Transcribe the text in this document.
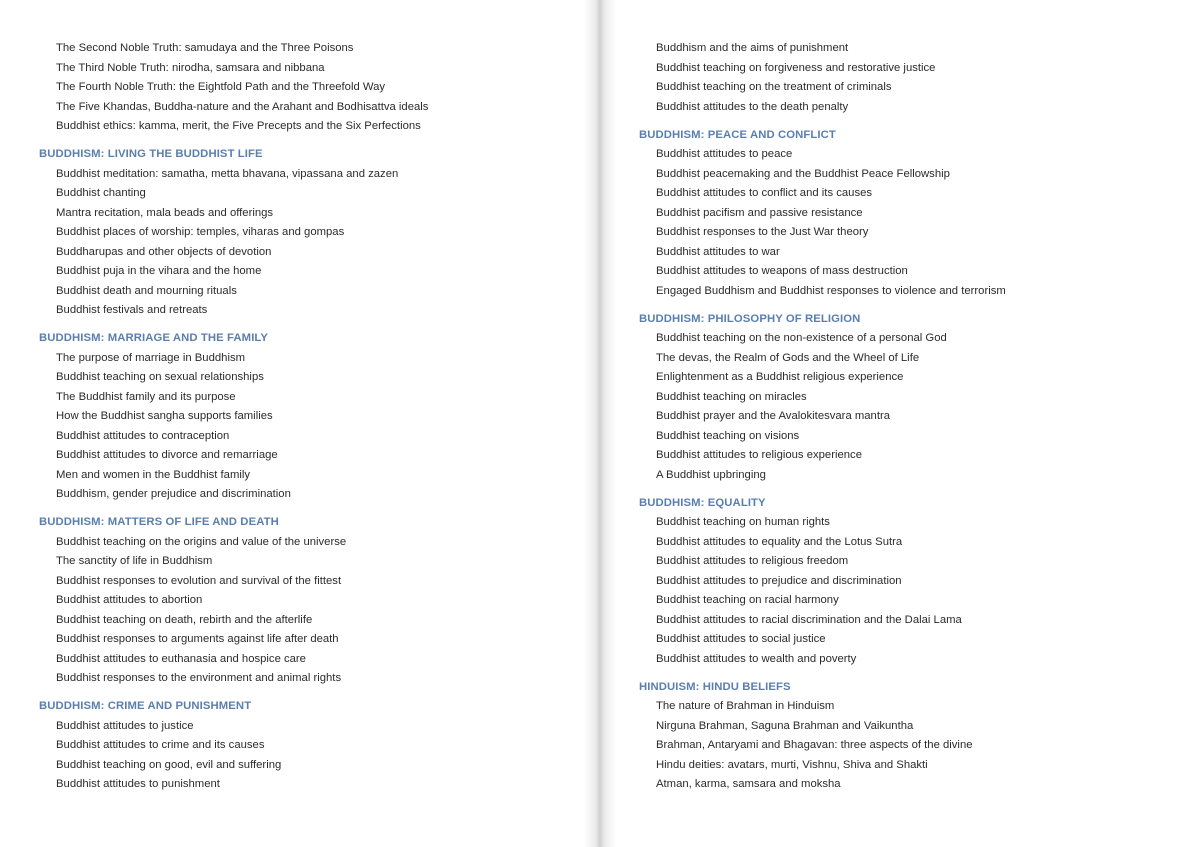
The Second Noble Truth: samudaya and the Three Poisons
The Third Noble Truth: nirodha, samsara and nibbana
The Fourth Noble Truth: the Eightfold Path and the Threefold Way
The Five Khandas, Buddha-nature and the Arahant and Bodhisattva ideals
Buddhist ethics: kamma, merit, the Five Precepts and the Six Perfections
BUDDHISM: LIVING THE BUDDHIST LIFE
Buddhist meditation: samatha, metta bhavana, vipassana and zazen
Buddhist chanting
Mantra recitation, mala beads and offerings
Buddhist places of worship: temples, viharas and gompas
Buddharupas and other objects of devotion
Buddhist puja in the vihara and the home
Buddhist death and mourning rituals
Buddhist festivals and retreats
BUDDHISM: MARRIAGE AND THE FAMILY
The purpose of marriage in Buddhism
Buddhist teaching on sexual relationships
The Buddhist family and its purpose
How the Buddhist sangha supports families
Buddhist attitudes to contraception
Buddhist attitudes to divorce and remarriage
Men and women in the Buddhist family
Buddhism, gender prejudice and discrimination
BUDDHISM: MATTERS OF LIFE AND DEATH
Buddhist teaching on the origins and value of the universe
The sanctity of life in Buddhism
Buddhist responses to evolution and survival of the fittest
Buddhist attitudes to abortion
Buddhist teaching on death, rebirth and the afterlife
Buddhist responses to arguments against life after death
Buddhist attitudes to euthanasia and hospice care
Buddhist responses to the environment and animal rights
BUDDHISM: CRIME AND PUNISHMENT
Buddhist attitudes to justice
Buddhist attitudes to crime and its causes
Buddhist teaching on good, evil and suffering
Buddhist attitudes to punishment
Buddhism and the aims of punishment
Buddhist teaching on forgiveness and restorative justice
Buddhist teaching on the treatment of criminals
Buddhist attitudes to the death penalty
BUDDHISM: PEACE AND CONFLICT
Buddhist attitudes to peace
Buddhist peacemaking and the Buddhist Peace Fellowship
Buddhist attitudes to conflict and its causes
Buddhist pacifism and passive resistance
Buddhist responses to the Just War theory
Buddhist attitudes to war
Buddhist attitudes to weapons of mass destruction
Engaged Buddhism and Buddhist responses to violence and terrorism
BUDDHISM: PHILOSOPHY OF RELIGION
Buddhist teaching on the non-existence of a personal God
The devas, the Realm of Gods and the Wheel of Life
Enlightenment as a Buddhist religious experience
Buddhist teaching on miracles
Buddhist prayer and the Avalokitesvara mantra
Buddhist teaching on visions
Buddhist attitudes to religious experience
A Buddhist upbringing
BUDDHISM: EQUALITY
Buddhist teaching on human rights
Buddhist attitudes to equality and the Lotus Sutra
Buddhist attitudes to religious freedom
Buddhist attitudes to prejudice and discrimination
Buddhist teaching on racial harmony
Buddhist attitudes to racial discrimination and the Dalai Lama
Buddhist attitudes to social justice
Buddhist attitudes to wealth and poverty
HINDUISM: HINDU BELIEFS
The nature of Brahman in Hinduism
Nirguna Brahman, Saguna Brahman and Vaikuntha
Brahman, Antaryami and Bhagavan: three aspects of the divine
Hindu deities: avatars, murti, Vishnu, Shiva and Shakti
Atman, karma, samsara and moksha
